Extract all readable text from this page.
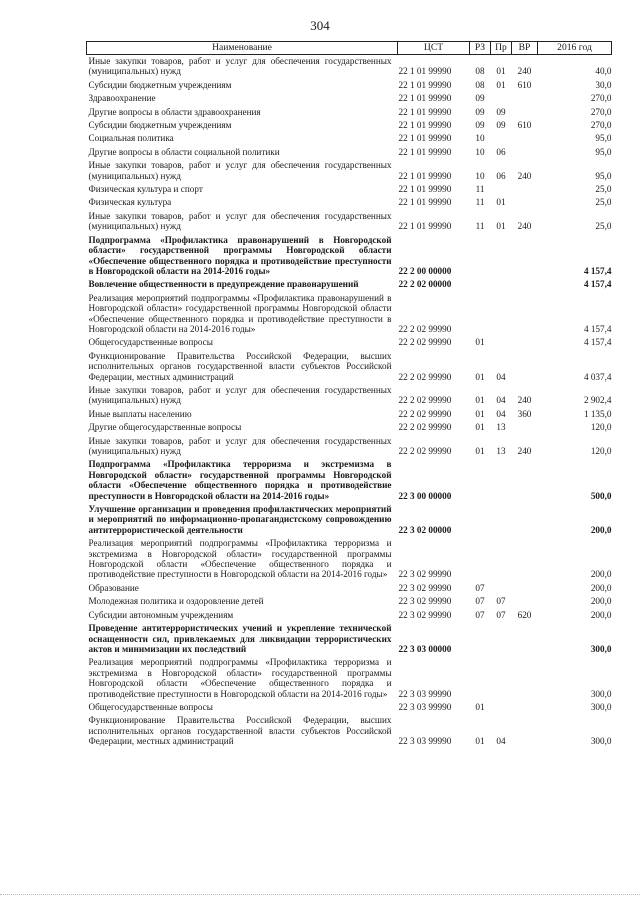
304
Наименование	ЦСТ	РЗ	Пр	ВР	2016 год
Иные закупки товаров, работ и услуг для обеспечения государственных (муниципальных) нужд	22 1 01 99990	08	01	240	40,0
Субсидии бюджетным учреждениям	22 1 01 99990	08	01	610	30,0
Здравоохранение	22 1 01 99990	09			270,0
Другие вопросы в области здравоохранения	22 1 01 99990	09	09		270,0
Субсидии бюджетным учреждениям	22 1 01 99990	09	09	610	270,0
Социальная политика	22 1 01 99990	10			95,0
Другие вопросы в области социальной политики	22 1 01 99990	10	06		95,0
Иные закупки товаров, работ и услуг для обеспечения государственных (муниципальных) нужд	22 1 01 99990	10	06	240	95,0
Физическая культура и спорт	22 1 01 99990	11			25,0
Физическая культура	22 1 01 99990	11	01		25,0
Иные закупки товаров, работ и услуг для обеспечения государственных (муниципальных) нужд	22 1 01 99990	11	01	240	25,0
Подпрограмма «Профилактика правонарушений в Новгородской области» государственной программы Новгородской области «Обеспечение общественного порядка и противодействие преступности в Новгородской области на 2014-2016 годы»	22 2 00 00000				4 157,4
Вовлечение общественности в предупреждение правонарушений	22 2 02 00000				4 157,4
Реализация мероприятий подпрограммы «Профилактика правонарушений в Новгородской области» государственной программы Новгородской области «Обеспечение общественного порядка и противодействие преступности в Новгородской области на 2014-2016 годы»	22 2 02 99990				4 157,4
Общегосударственные вопросы	22 2 02 99990	01			4 157,4
Функционирование Правительства Российской Федерации, высших исполнительных органов государственной власти субъектов Российской Федерации, местных администраций	22 2 02 99990	01	04		4 037,4
Иные закупки товаров, работ и услуг для обеспечения государственных (муниципальных) нужд	22 2 02 99990	01	04	240	2 902,4
Иные выплаты населению	22 2 02 99990	01	04	360	1 135,0
Другие общегосударственные вопросы	22 2 02 99990	01	13		120,0
Иные закупки товаров, работ и услуг для обеспечения государственных (муниципальных) нужд	22 2 02 99990	01	13	240	120,0
Подпрограмма «Профилактика терроризма и экстремизма в Новгородской области» государственной программы Новгородской области «Обеспечение общественного порядка и противодействие преступности в Новгородской области на 2014-2016 годы»	22 3 00 00000				500,0
Улучшение организации и проведения профилактических мероприятий и мероприятий по информационно-пропагандистскому сопровождению антитеррористической деятельности	22 3 02 00000				200,0
Реализация мероприятий подпрограммы «Профилактика терроризма и экстремизма в Новгородской области» государственной программы Новгородской области «Обеспечение общественного порядка и противодействие преступности в Новгородской области на 2014-2016 годы»	22 3 02 99990				200,0
Образование	22 3 02 99990	07			200,0
Молодежная политика и оздоровление детей	22 3 02 99990	07	07		200,0
Субсидии автономным учреждениям	22 3 02 99990	07	07	620	200,0
Проведение антитеррористических учений и укрепление технической оснащенности сил, привлекаемых для ликвидации террористических актов и минимизации их последствий	22 3 03 00000				300,0
Реализация мероприятий подпрограммы «Профилактика терроризма и экстремизма в Новгородской области» государственной программы Новгородской области «Обеспечение общественного порядка и противодействие преступности в Новгородской области на 2014-2016 годы»	22 3 03 99990				300,0
Общегосударственные вопросы	22 3 03 99990	01			300,0
Функционирование Правительства Российской Федерации, высших исполнительных органов государственной власти субъектов Российской Федерации, местных администраций	22 3 03 99990	01	04		300,0
